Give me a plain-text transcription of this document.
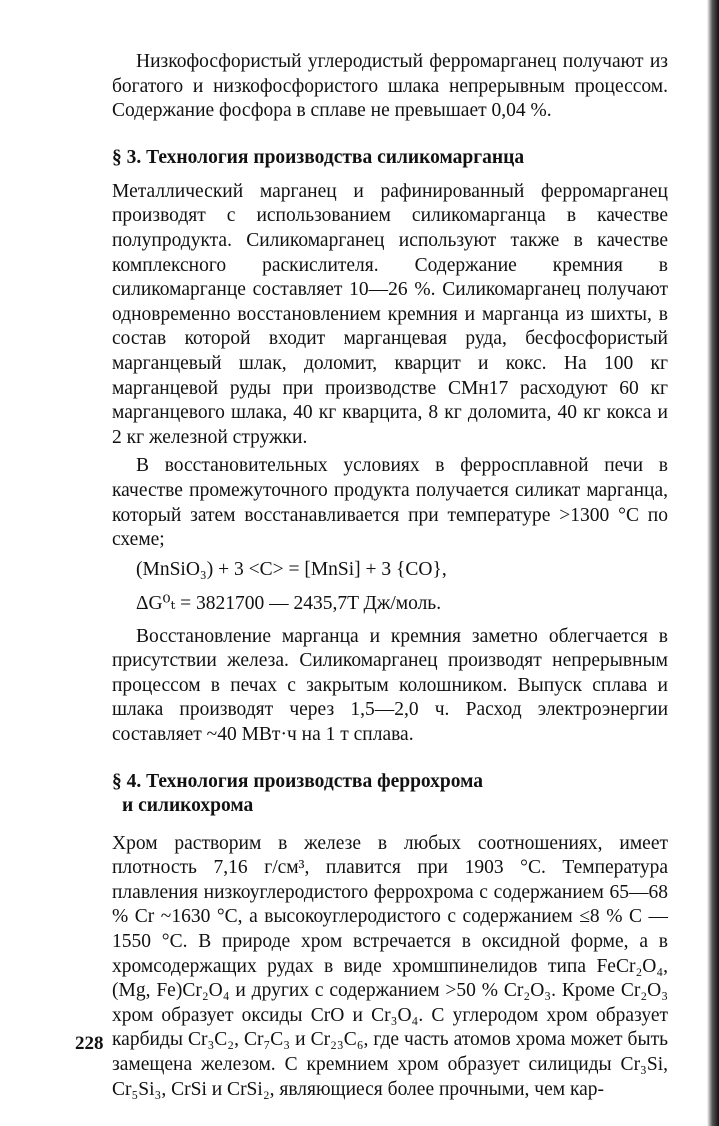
Низкофосфористый углеродистый ферромарганец получают из богатого и низкофосфористого шлака непрерывным процессом. Содержание фосфора в сплаве не превышает 0,04 %.

§ 3. Технология производства силикомарганца

Металлический марганец и рафинированный ферромарганец производят с использованием силикомарганца в качестве полупродукта. Силикомарганец используют также в качестве комплексного раскислителя. Содержание кремния в силикомарганце составляет 10—26 %. Силикомарганец получают одновременно восстановлением кремния и марганца из шихты, в состав которой входит марганцевая руда, бесфосфористый марганцевый шлак, доломит, кварцит и кокс. На 100 кг марганцевой руды при производстве СМн17 расходуют 60 кг марганцевого шлака, 40 кг кварцита, 8 кг доломита, 40 кг кокса и 2 кг железной стружки.

В восстановительных условиях в ферросплавной печи в качестве промежуточного продукта получается силикат марганца, который затем восстанавливается при температуре >1300 °С по схеме;

(MnSiO₃) + 3 <C> = [MnSi] + 3 {CO},
ΔG⁰ₜ = 3821700 — 2435,7T Дж/моль.

Восстановление марганца и кремния заметно облегчается в присутствии железа. Силикомарганец производят непрерывным процессом в печах с закрытым колошником. Выпуск сплава и шлака производят через 1,5—2,0 ч. Расход электроэнергии составляет ~40 МВт·ч на 1 т сплава.

§ 4. Технология производства феррохрома
и силикохрома

Хром растворим в железе в любых соотношениях, имеет плотность 7,16 г/см³, плавится при 1903 °С. Температура плавления низкоуглеродистого феррохрома с содержанием 65—68 % Cr ~1630 °С, а высокоуглеродистого с содержанием ≤8 % С — 1550 °С. В природе хром встречается в оксидной форме, а в хромсодержащих рудах в виде хромшпинелидов типа FeCr₂O₄, (Mg, Fe)Cr₂O₄ и других с содержанием >50 % Cr₂O₃. Кроме Cr₂O₃ хром образует оксиды CrO и Cr₃O₄. С углеродом хром образует карбиды Cr₃C₂, Cr₇C₃ и Cr₂₃C₆, где часть атомов хрома может быть замещена железом. С кремнием хром образует силициды Cr₃Si, Cr₅Si₃, CrSi и CrSi₂, являющиеся более прочными, чем кар-

228
